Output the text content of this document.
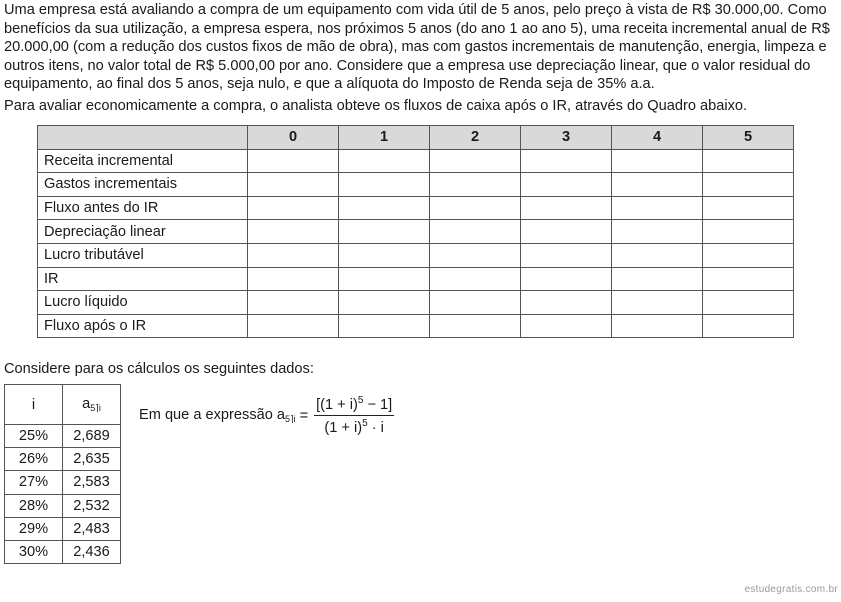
Uma empresa está avaliando a compra de um equipamento com vida útil de 5 anos, pelo preço à vista de R$ 30.000,00. Como benefícios da sua utilização, a empresa espera, nos próximos 5 anos (do ano 1 ao ano 5), uma receita incremental anual de R$ 20.000,00 (com a redução dos custos fixos de mão de obra), mas com gastos incrementais de manutenção, energia, limpeza e outros itens, no valor total de R$ 5.000,00 por ano. Considere que a empresa use depreciação linear, que o valor residual do equipamento, ao final dos 5 anos, seja nulo, e que a alíquota do Imposto de Renda seja de 35% a.a.

Para avaliar economicamente a compra, o analista obteve os fluxos de caixa após o IR, através do Quadro abaixo.

	0	1	2	3	4	5
Receita incremental						
Gastos incrementais						
Fluxo antes do IR						
Depreciação linear						
Lucro tributável						
IR						
Lucro líquido						
Fluxo após o IR						

Considere para os cálculos os seguintes dados:

i	$a_{5⌉i}$
25%	2,689
26%	2,635
27%	2,583
28%	2,532
29%	2,483
30%	2,436
Em que a expressão $a_{5⌉i} = \frac{[(1 + i)^5 - 1]}{(1 + i)^5 \cdot i}$
estudegratis.com.br
